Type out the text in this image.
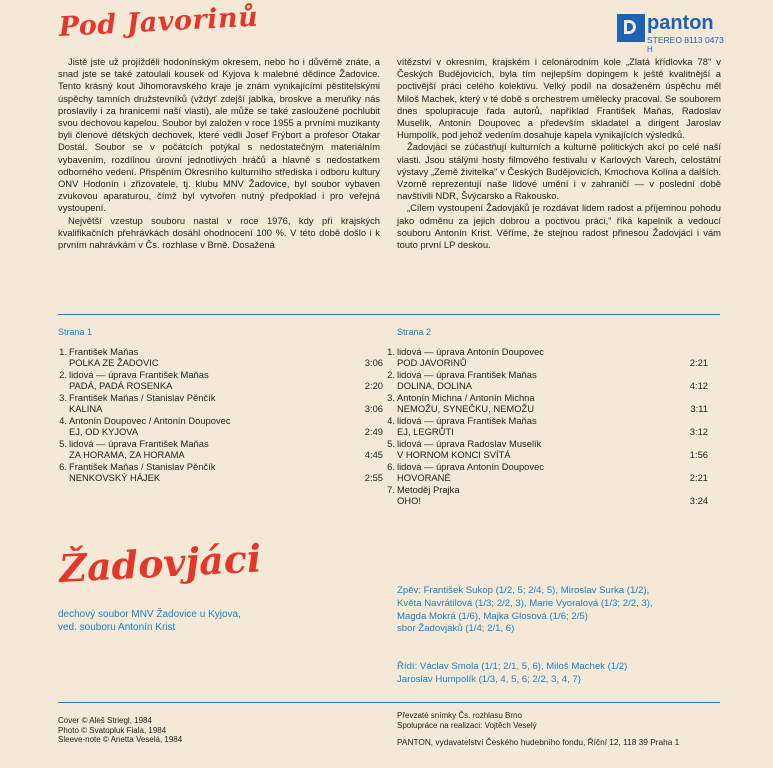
Pod Javorinů	panton
STEREO 8113 0473
H

Jistě jste už projížděli hodonínským okresem, nebo ho i důvěrně znáte, a snad jste se také zatoulali kousek od Kyjova k malebné dědince Žadovice. Tento krásný kout Jihomoravského kraje je znám vynikajícími pěstitelskými úspěchy tamních družstevníků (vždyť zdejší jablka, broskve a meruňky nás proslavily i za hranicemi naší vlasti), ale může se také zasloužené pochlubit svou dechovou kapelou. Soubor byl založen v roce 1955 a prvními muzikanty byli členové dětských dechovek, které vedli Josef Frýbort a profesor Otakar Dostál. Soubor se v počátcích potýkal s nedostatečným materiálním vybavením, rozdílnou úrovní jednotlivých hráčů a hlavně s nedostatkem odborného vedení. Přispěním Okresního kulturního střediska i odboru kultury ONV Hodonín i zřizovatele, tj. klubu MNV Žadovice, byl soubor vybaven zvukovou aparaturou, čímž byl vytvořen nutný předpoklad i pro veřejná vystoupení.

Největší vzestup souboru nastal v roce 1976, kdy při krajských kvalifikačních přehrávkách dosáhl ohodnocení 100 %. V této době došlo i k prvním nahrávkám v Čs. rozhlase v Brně. Dosažená

vítězství v okresním, krajském i celonárodním kole „Zlatá křídlovka 78" v Českých Budějovicích, byla tím nejlepším dopingem k ještě kvalitnější a poctivější práci celého kolektivu. Velký podíl na dosaženém úspěchu měl Miloš Machek, který v té době s orchestrem umělecky pracoval. Se souborem dnes spolupracuje řada autorů, například František Maňas, Radoslav Muselík, Antonín Doupovec a především skladatel a dirigent Jaroslav Humpolík, pod jehož vedením dosahuje kapela vynikajících výsledků.

Žadovjáci se zúčastňují kulturních a kulturně politických akcí po celé naší vlasti. Jsou stálými hosty filmového festivalu v Karlových Varech, celostátní výstavy „Země živitelka" v Českých Budějovicích, Kmochova Kolína a dalších. Vzorně reprezentují naše lidové umění i v zahraničí — v poslední době navštívili NDR, Švýcarsko a Rakousko.

„Cílem vystoupení Žadovjáků je rozdávat lidem radost a příjemnou pohodu jako odměnu za jejich dobrou a poctivou práci," říká kapelník a vedoucí souboru Antonín Krist. Věříme, že stejnou radost přinesou Žadovjáci i vám touto první LP deskou.

Strana 1	Strana 2
1. František Maňas
POLKA ZE ŽADOVIC	3:06
2. lidová — úprava František Maňas
PADÁ, PADÁ ROSENKA	2:20
3. František Maňas / Stanislav Pěnčík
KALINA	3:06
4. Antonín Doupovec / Antonín Doupovec
EJ, OD KYJOVA	2:49
5. lidová — úprava František Maňas
ZA HORAMA, ZA HORAMA	4:45
6. František Maňas / Stanislav Pěnčík
NENKOVSKÝ HÁJEK	2:55
1. lidová — úprava Antonín Doupovec
POD JAVORINŮ	2:21
2. lidová — úprava František Maňas
DOLINA, DOLINA	4:12
3. Antonín Michna / Antonín Michna
NEMOŽU, SYNEČKU, NEMOŽU	3:11
4. lidová — úprava František Maňas
EJ, LEGRŮTI	3:12
5. lidová — úprava Radoslav Muselík
V HORNOM KONCI SVÍTÁ	1:56
6. lidová — úprava Antonín Doupovec
HOVORANÉ	2:21
7. Metoděj Prajka
OHO!	3:24
Žadovjáci
dechový soubor MNV Žadovice u Kyjova,
ved. souboru Antonín Krist
Zpěv: František Sukop (1/2, 5; 2/4, 5), Miroslav Surka (1/2),
Květa Navrátilová (1/3; 2/2, 3), Marie Vyoralová (1/3; 2/2, 3),
Magda Mokrá (1/6), Majka Glosová (1/6; 2/5)
sbor Žadovjáků (1/4; 2/1, 6)
Řídí: Václav Smola (1/1; 2/1, 5, 6), Miloš Machek (1/2)
Jaroslav Humpolík (1/3, 4, 5, 6; 2/2, 3, 4, 7)
Cover © Aleš Striegl, 1984
Photo © Svatopluk Fiala, 1984
Sleeve-note © Anetta Veselá, 1984
Převzaté snímky Čs. rozhlasu Brno
Spolupráce na realizaci: Vojtěch Veselý
PANTON, vydavatelství Českého hudebního fondu, Říční 12, 118 39 Praha 1
